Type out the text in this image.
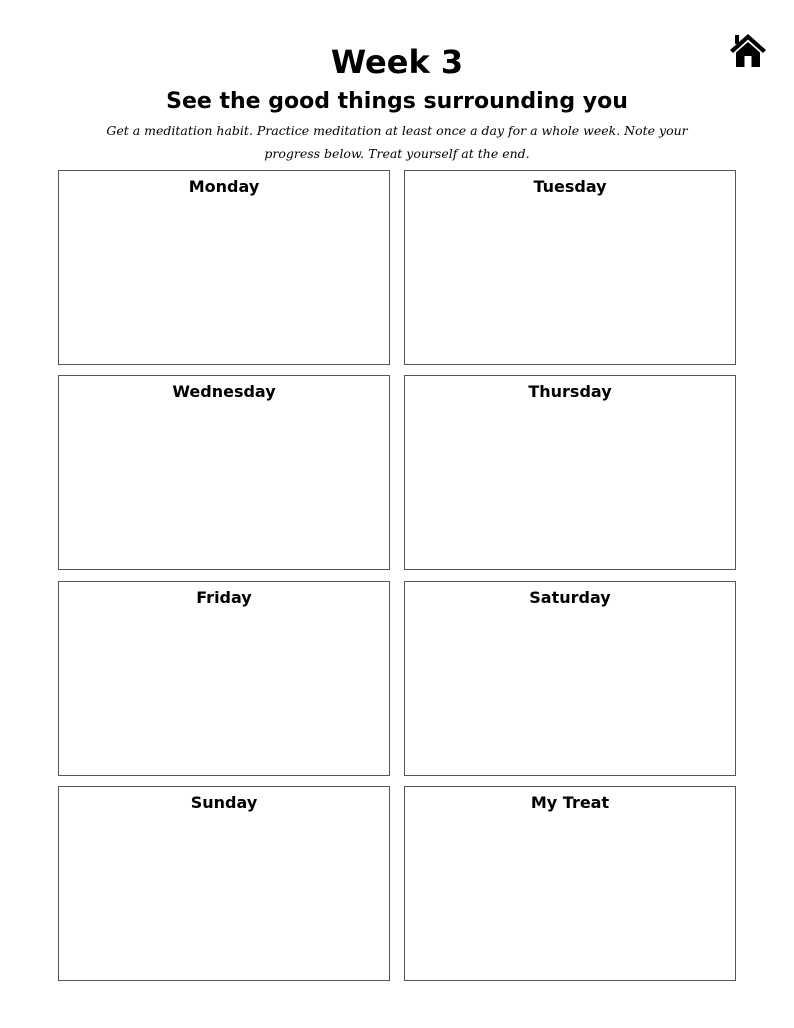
Week 3
See the good things surrounding you
Get a meditation habit. Practice meditation at least once a day for a whole week. Note your progress below. Treat yourself at the end.
Monday	Tuesday
Wednesday	Thursday
Friday	Saturday
Sunday	My Treat
